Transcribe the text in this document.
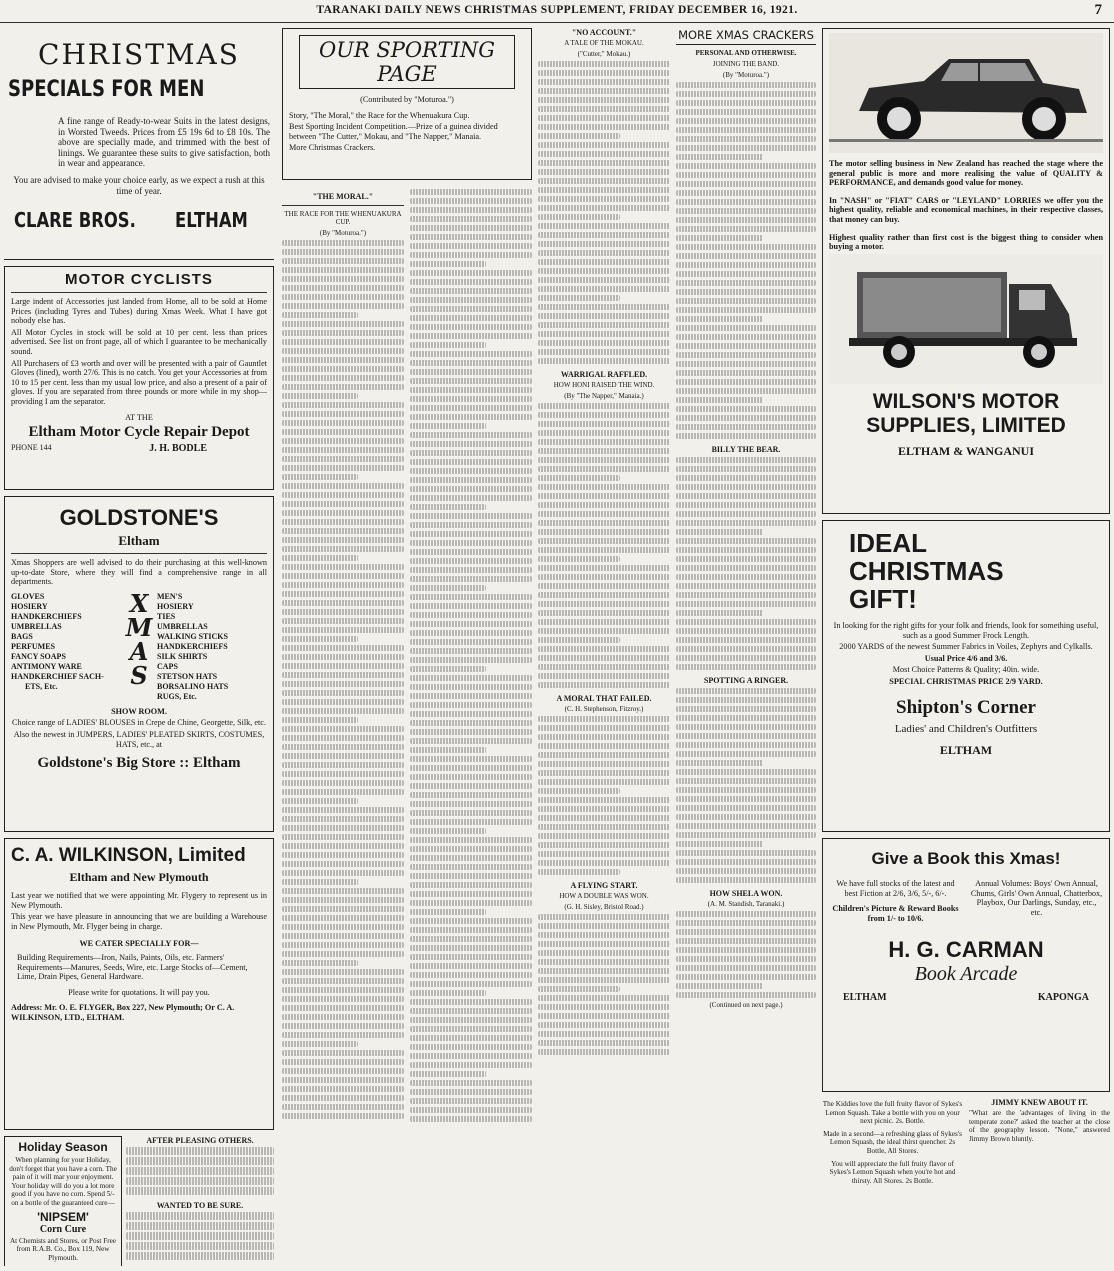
TARANAKI DAILY NEWS CHRISTMAS SUPPLEMENT, FRIDAY DECEMBER 16, 1921.	7
CHRISTMAS
SPECIALS FOR MEN

A fine range of Ready-to-wear Suits in the latest designs, in Worsted Tweeds. Prices from £5 19s 6d to £8 10s. The above are specially made, and trimmed with the best of linings. We guarantee these suits to give satisfaction, both in wear and appearance.

You are advised to make your choice early, as we expect a rush at this time of year.

CLARE BROS. ELTHAM
MOTOR CYCLISTS

Large indent of Accessories just landed from Home, all to be sold at Home Prices (including Tyres and Tubes) during Xmas Week. What I have got nobody else has.

All Motor Cycles in stock will be sold at 10 per cent. less than prices advertised. See list on front page, all of which I guarantee to be mechanically sound.

All Purchasers of £3 worth and over will be presented with a pair of Gauntlet Gloves (lined), worth 27/6. This is no catch. You get your Accessories at from 10 to 15 per cent. less than my usual low price, and also a present of a pair of gloves. If you are separated from three pounds or more while in my shop—providing I am the separator.

AT THE
Eltham Motor Cycle Repair Depot
PHONE 144	J. H. BODLE
GOLDSTONE'S
Eltham

Xmas Shoppers are well advised to do their purchasing at this well-known up-to-date Store, where they will find a comprehensive range in all departments.

GLOVES
HOSIERY
HANDKERCHIEFS
UMBRELLAS
BAGS
PERFUMES
FANCY SOAPS
ANTIMONY WARE
HANDKERCHIEF SACH-
ETS, Etc.
X
M
A
S
MEN'S
HOSIERY
TIES
UMBRELLAS
WALKING STICKS
HANDKERCHIEFS
SILK SHIRTS
CAPS
STETSON HATS
BORSALINO HATS
RUGS, Etc.
SHOW ROOM.

Choice range of LADIES' BLOUSES in Crepe de Chine, Georgette, Silk, etc.

Also the newest in JUMPERS, LADIES' PLEATED SKIRTS, COSTUMES, HATS, etc., at

Goldstone's Big Store :: Eltham
C. A. WILKINSON, Limited
Eltham and New Plymouth

Last year we notified that we were appointing Mr. Flygery to represent us in New Plymouth.

This year we have pleasure in announcing that we are building a Warehouse in New Plymouth, Mr. Flyger being in charge.

WE CATER SPECIALLY FOR—

Building Requirements—Iron, Nails, Paints, Oils, etc. Farmers' Requirements—Manures, Seeds, Wire, etc. Large Stocks of—Cement, Lime, Drain Pipes, General Hardware.

Please write for quotations. It will pay you.

Address: Mr. O. E. FLYGER, Box 227, New Plymouth; Or C. A. WILKINSON, LTD., ELTHAM.

Holiday Season

When planning for your Holiday, don't forget that you have a corn. The pain of it will mar your enjoyment. Your holiday will do you a lot more good if you have no corn. Spend 5/- on a bottle of the guaranteed cure—

'NIPSEM'
Corn Cure

At Chemists and Stores, or Post Free from R.A.B. Co., Box 119, New Plymouth.

AFTER PLEASING OTHERS.
WANTED TO BE SURE.
OUR SPORTING PAGE
(Contributed by "Moturoa.")

Story, "The Moral," the Race for the Whenuakura Cup.

Best Sporting Incident Competition.—Prize of a guinea divided between "The Cutter," Mokau, and "The Napper," Manaia.

More Christmas Crackers.

"THE MORAL."
THE RACE FOR THE WHENUAKURA CUP.
(By "Moturoa.")
"NO ACCOUNT."
A TALE OF THE MOKAU.
("Cutter," Mokau.)
WARRIGAL RAFFLED.
HOW HONI RAISED THE WIND.
(By "The Napper," Manaia.)
A MORAL THAT FAILED.
(C. H. Stephenson, Fitzroy.)
A FLYING START.
HOW A DOUBLE WAS WON.
(G. H. Sisley, Bristol Road.)
MORE XMAS CRACKERS
PERSONAL AND OTHERWISE.
JOINING THE BAND.
(By "Moturoa.")
BILLY THE BEAR.
SPOTTING A RINGER.
HOW SHELA WON.
(A. M. Standish, Taranaki.)
(Continued on next page.)

The motor selling business in New Zealand has reached the stage where the general public is more and more realising the value of QUALITY & PERFORMANCE, and demands good value for money.

In "NASH" or "FIAT" CARS or "LEYLAND" LORRIES we offer you the highest quality, reliable and economical machines, in their respective classes, that money can buy.

Highest quality rather than first cost is the biggest thing to consider when buying a motor.

WILSON'S MOTOR
SUPPLIES, LIMITED
ELTHAM & WANGANUI
IDEAL
CHRISTMAS
GIFT!

In looking for the right gifts for your folk and friends, look for something useful, such as a good Summer Frock Length.

2000 YARDS of the newest Summer Fabrics in Voiles, Zephyrs and Cylkalls.

Usual Price 4/6 and 3/6.

Most Choice Patterns & Quality; 40in. wide.

SPECIAL CHRISTMAS PRICE 2/9 YARD.

Shipton's Corner
Ladies' and Children's Outfitters
ELTHAM
Give a Book this Xmas!

We have full stocks of the latest and best Fiction at 2/6, 3/6, 5/-, 6/-.

Children's Picture & Reward Books from 1/- to 10/6.

Annual Volumes: Boys' Own Annual, Chums, Girls' Own Annual, Chatterbox, Playbox, Our Darlings, Sunday, etc., etc.

H. G. CARMAN
Book Arcade
ELTHAM	KAPONGA

The Kiddies love the full fruity flavor of Sykes's Lemon Squash. Take a bottle with you on your next picnic. 2s. Bottle.

Made in a second—a refreshing glass of Sykes's Lemon Squash, the ideal thirst quencher. 2s Bottle, All Stores.

You will appreciate the full fruity flavor of Sykes's Lemon Squash when you're hot and thirsty. All Stores. 2s Bottle.

JIMMY KNEW ABOUT IT.

"What are the 'advantages of living in the temperate zone?' asked the teacher at the close of the geography lesson. "None," answered Jimmy Brown bluntly.
